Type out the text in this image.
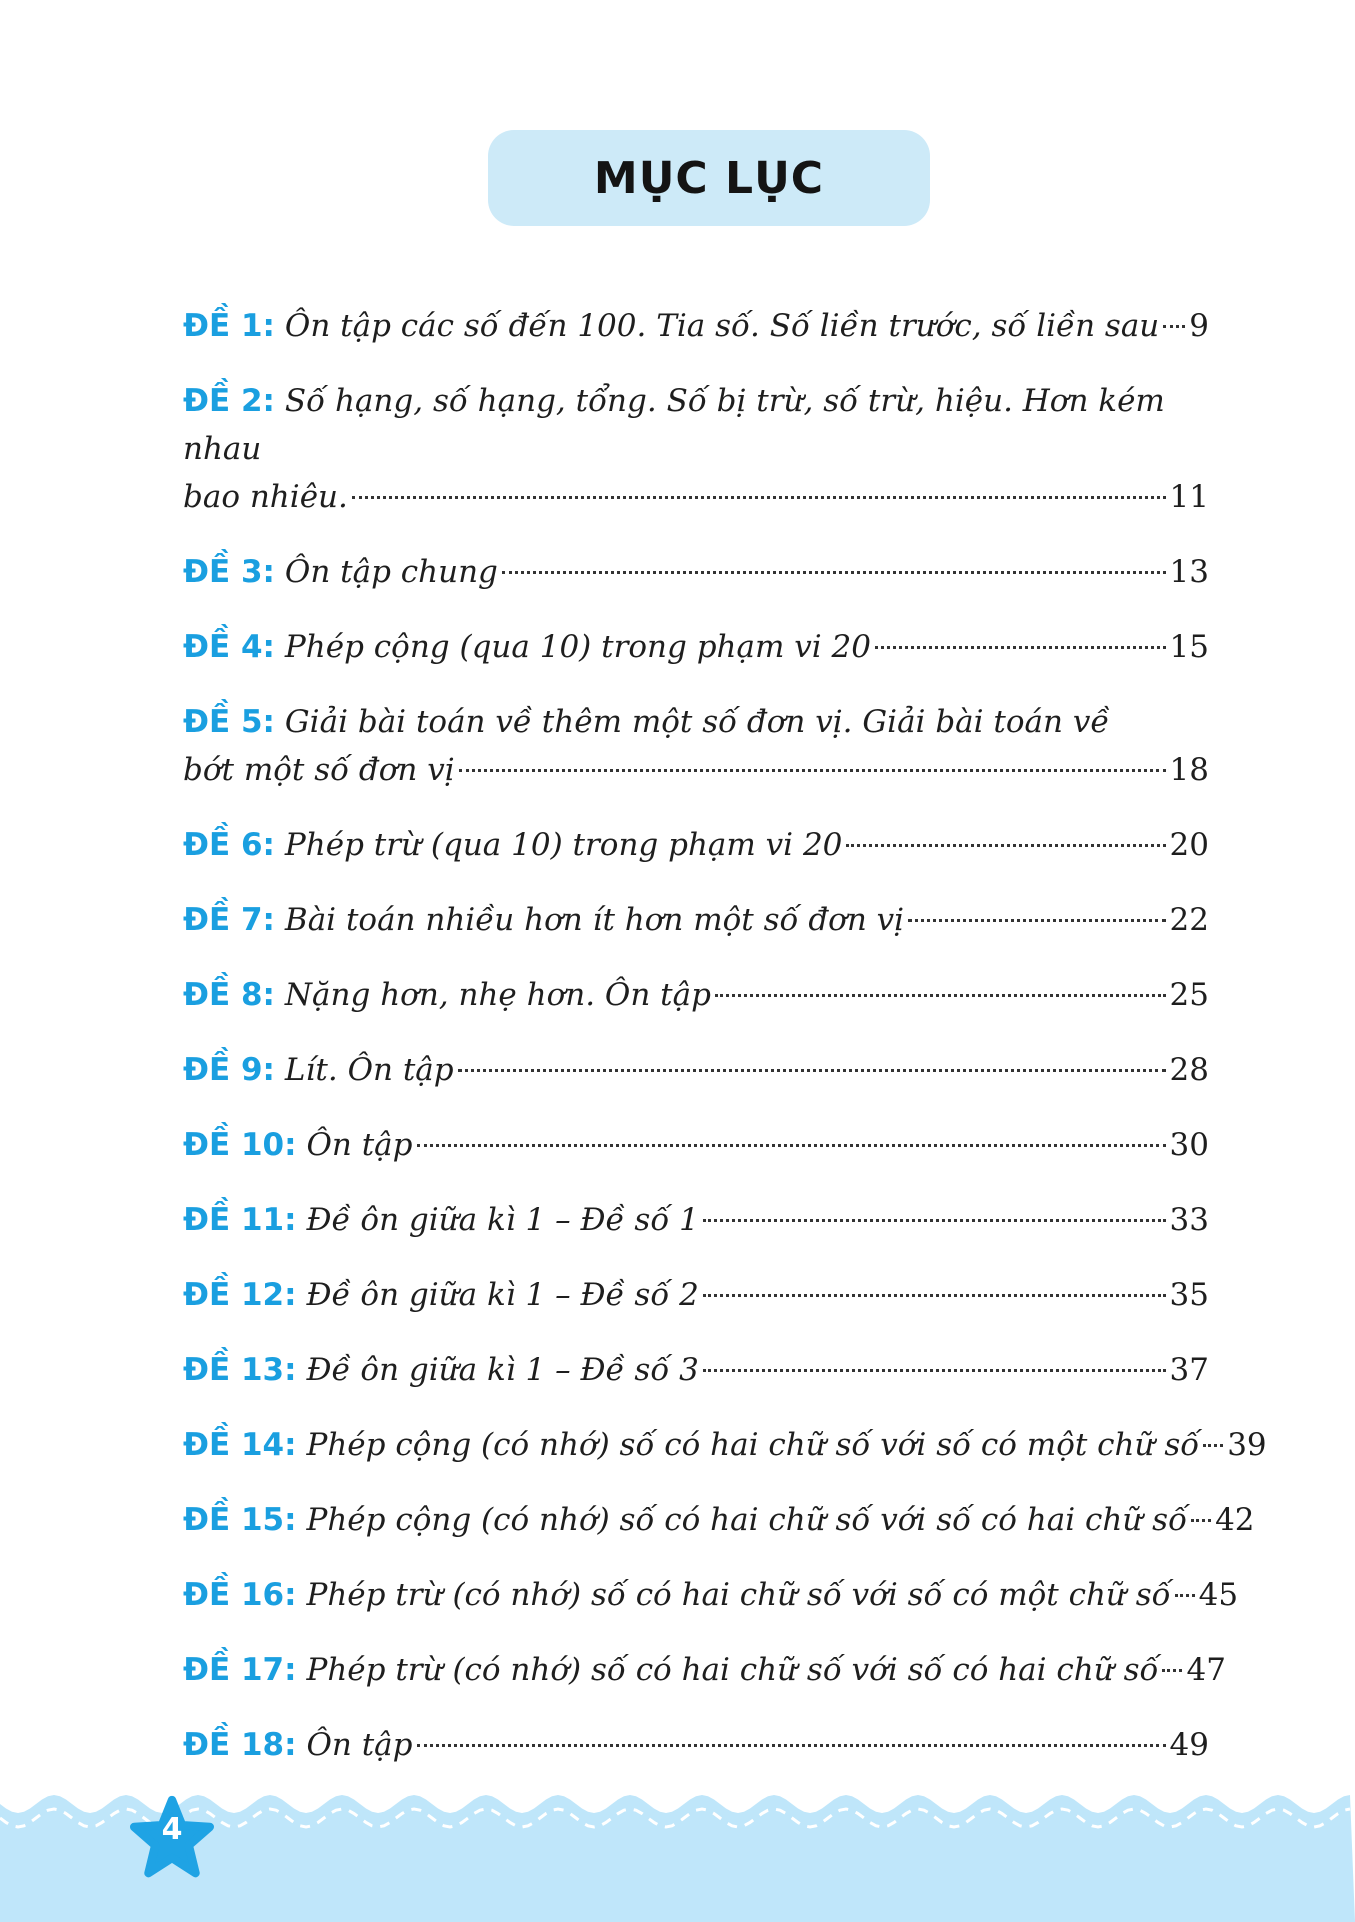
MỤC LỤC
ĐỀ 1: Ôn tập các số đến 100. Tia số. Số liền trước, số liền sau 9
ĐỀ 2: Số hạng, số hạng, tổng. Số bị trừ, số trừ, hiệu. Hơn kém nhau
bao nhiêu.	11
ĐỀ 3: Ôn tập chung	13
ĐỀ 4: Phép cộng (qua 10) trong phạm vi 20	15
ĐỀ 5: Giải bài toán về thêm một số đơn vị. Giải bài toán về
bớt một số đơn vị	18
ĐỀ 6: Phép trừ (qua 10) trong phạm vi 20	20
ĐỀ 7: Bài toán nhiều hơn ít hơn một số đơn vị	22
ĐỀ 8: Nặng hơn, nhẹ hơn. Ôn tập	25
ĐỀ 9: Lít. Ôn tập	28
ĐỀ 10: Ôn tập	30
ĐỀ 11: Đề ôn giữa kì 1 – Đề số 1	33
ĐỀ 12: Đề ôn giữa kì 1 – Đề số 2	35
ĐỀ 13: Đề ôn giữa kì 1 – Đề số 3	37
ĐỀ 14: Phép cộng (có nhớ) số có hai chữ số với số có một chữ số 39
ĐỀ 15: Phép cộng (có nhớ) số có hai chữ số với số có hai chữ số 42
ĐỀ 16: Phép trừ (có nhớ) số có hai chữ số với số có một chữ số 45
ĐỀ 17: Phép trừ (có nhớ) số có hai chữ số với số có hai chữ số 47
ĐỀ 18: Ôn tập	49
4
